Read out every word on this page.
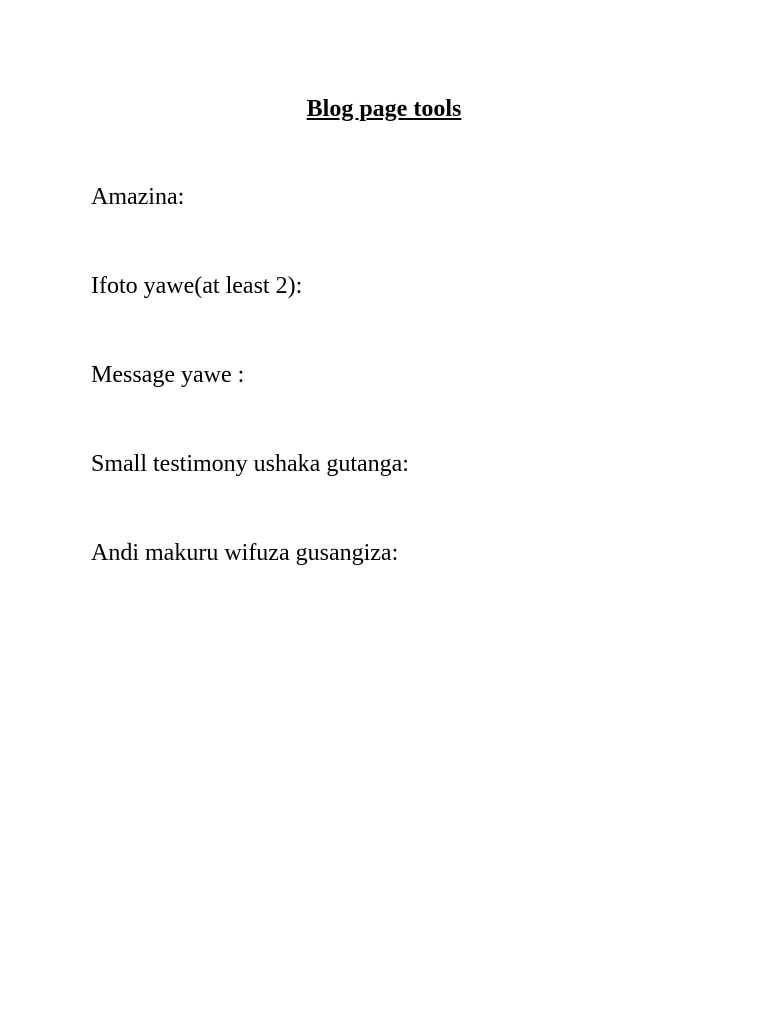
Blog page tools
Amazina:
Ifoto yawe(at least 2):
Message yawe :
Small testimony ushaka gutanga:
Andi makuru wifuza gusangiza:
